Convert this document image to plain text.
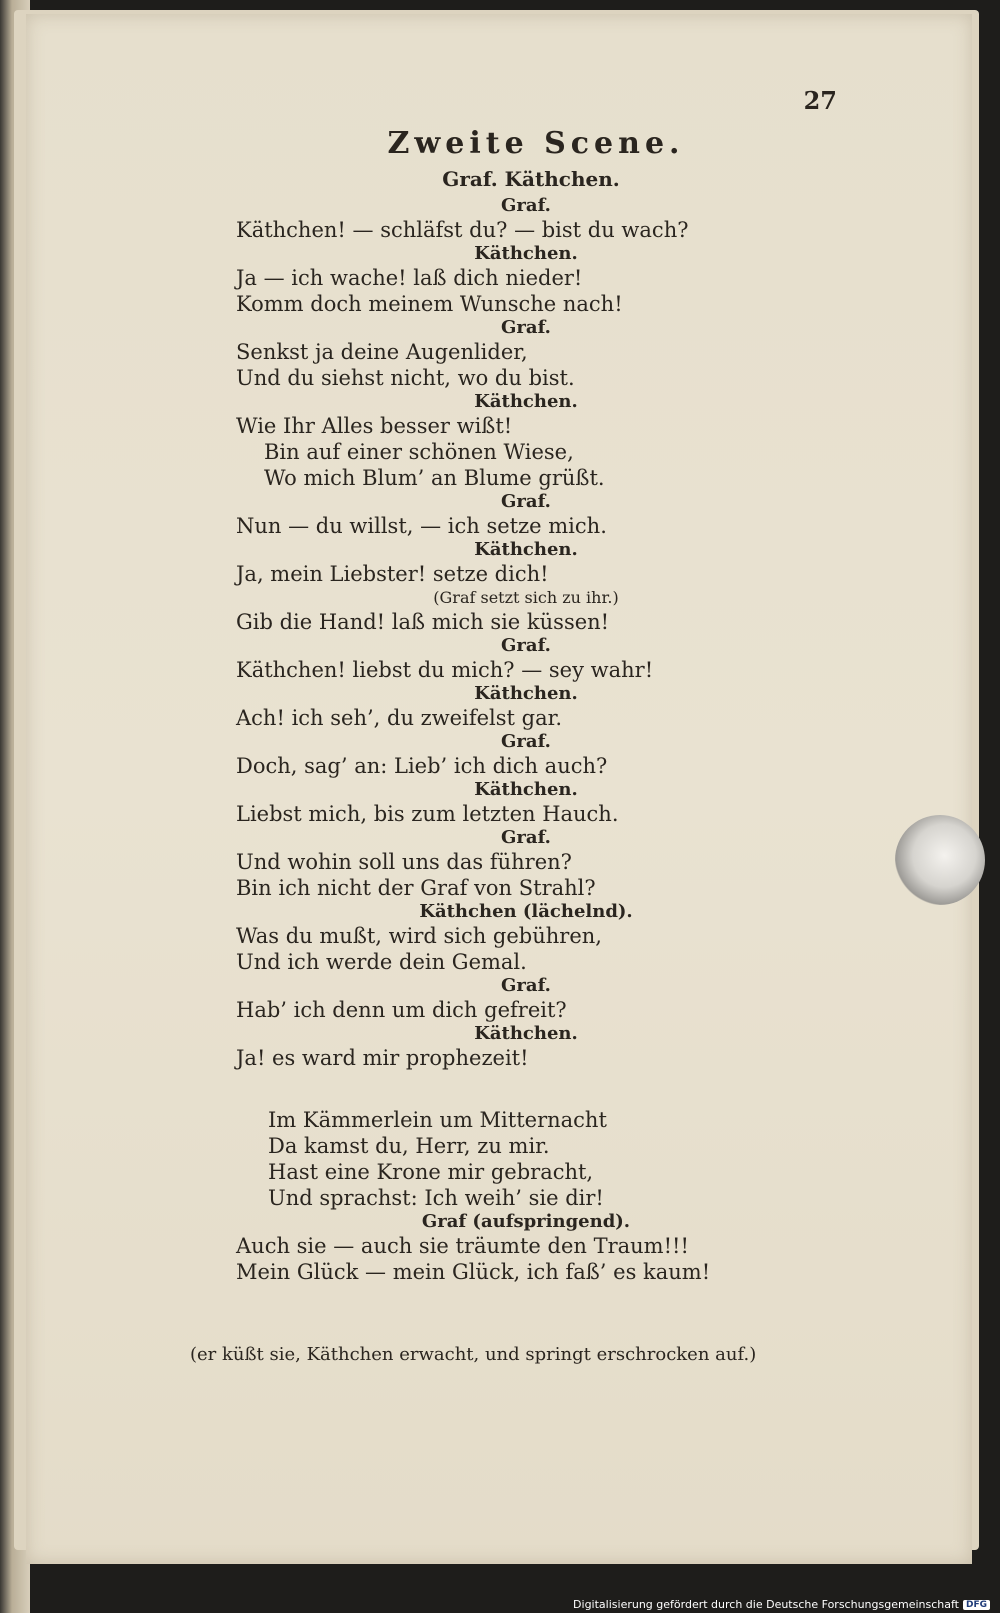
27
Zweite Scene.
Graf. Käthchen.
Graf.
Käthchen! — schläfst du? — bist du wach?
Käthchen.
Ja — ich wache! laß dich nieder!
Komm doch meinem Wunsche nach!
Graf.
Senkst ja deine Augenlider,
Und du siehst nicht, wo du bist.
Käthchen.
Wie Ihr Alles besser wißt!
Bin auf einer schönen Wiese,
Wo mich Blum’ an Blume grüßt.
Graf.
Nun — du willst, — ich setze mich.
Käthchen.
Ja, mein Liebster! setze dich!
(Graf setzt sich zu ihr.)
Gib die Hand! laß mich sie küssen!
Graf.
Käthchen! liebst du mich? — sey wahr!
Käthchen.
Ach! ich seh’, du zweifelst gar.
Graf.
Doch, sag’ an: Lieb’ ich dich auch?
Käthchen.
Liebst mich, bis zum letzten Hauch.
Graf.
Und wohin soll uns das führen?
Bin ich nicht der Graf von Strahl?
Käthchen (lächelnd).
Was du mußt, wird sich gebühren,
Und ich werde dein Gemal.
Graf.
Hab’ ich denn um dich gefreit?
Käthchen.
Ja! es ward mir prophezeit!
Im Kämmerlein um Mitternacht
Da kamst du, Herr, zu mir.
Hast eine Krone mir gebracht,
Und sprachst: Ich weih’ sie dir!
Graf (aufspringend).
Auch sie — auch sie träumte den Traum!!!
Mein Glück — mein Glück, ich faß’ es kaum!
(er küßt sie, Käthchen erwacht, und springt erschrocken auf.)
Digitalisierung gefördert durch die Deutsche Forschungsgemeinschaft DFG
